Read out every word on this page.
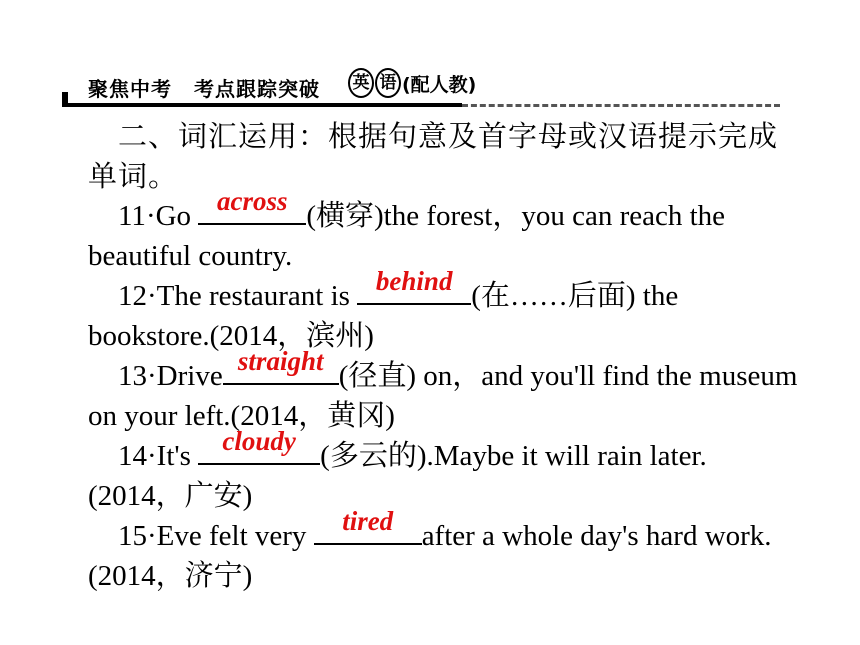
聚焦中考 考点跟踪突破	英 语 (配人教)

二、词汇运用：根据句意及首字母或汉语提示完成单词。

11·Go across (横穿)the forest，you can reach the beautiful country.

12·The restaurant is behind (在……后面) the bookstore.(2014，滨州)

13·Drive straight (径直) on，and you'll find the museum on your left.(2014，黄冈)

14·It's cloudy (多云的).Maybe it will rain later.(2014，广安)

15·Eve felt very	tired after a whole day's hard work.(2014，济宁)
